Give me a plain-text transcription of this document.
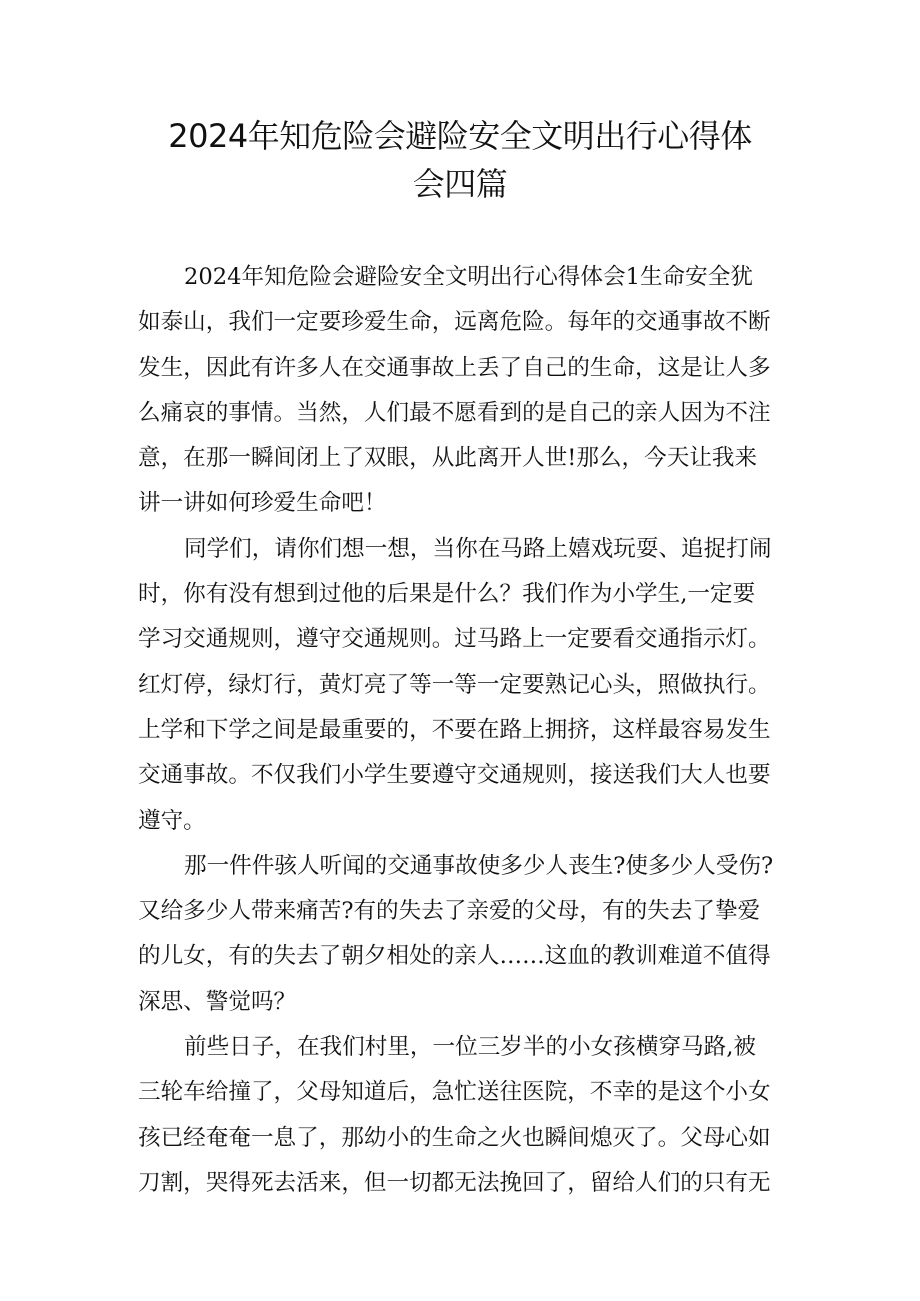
2024年知危险会避险安全文明出行心得体
会四篇
2024年知危险会避险安全文明出行心得体会1生命安全犹
如泰山，我们一定要珍爱生命，远离危险。每年的交通事故不断
发生，因此有许多人在交通事故上丢了自己的生命，这是让人多
么痛哀的事情。当然，人们最不愿看到的是自己的亲人因为不注
意，在那一瞬间闭上了双眼，从此离开人世!那么，今天让我来
讲一讲如何珍爱生命吧！
同学们，请你们想一想，当你在马路上嬉戏玩耍、追捉打闹
时，你有没有想到过他的后果是什么？我们作为小学生,一定要
学习交通规则，遵守交通规则。过马路上一定要看交通指示灯。
红灯停，绿灯行，黄灯亮了等一等一定要熟记心头，照做执行。
上学和下学之间是最重要的，不要在路上拥挤，这样最容易发生
交通事故。不仅我们小学生要遵守交通规则，接送我们大人也要
遵守。
那一件件骇人听闻的交通事故使多少人丧生?使多少人受伤?
又给多少人带来痛苦?有的失去了亲爱的父母，有的失去了挚爱
的儿女，有的失去了朝夕相处的亲人……这血的教训难道不值得
深思、警觉吗？
前些日子，在我们村里，一位三岁半的小女孩横穿马路,被
三轮车给撞了，父母知道后，急忙送往医院，不幸的是这个小女
孩已经奄奄一息了，那幼小的生命之火也瞬间熄灭了。父母心如
刀割，哭得死去活来，但一切都无法挽回了，留给人们的只有无
